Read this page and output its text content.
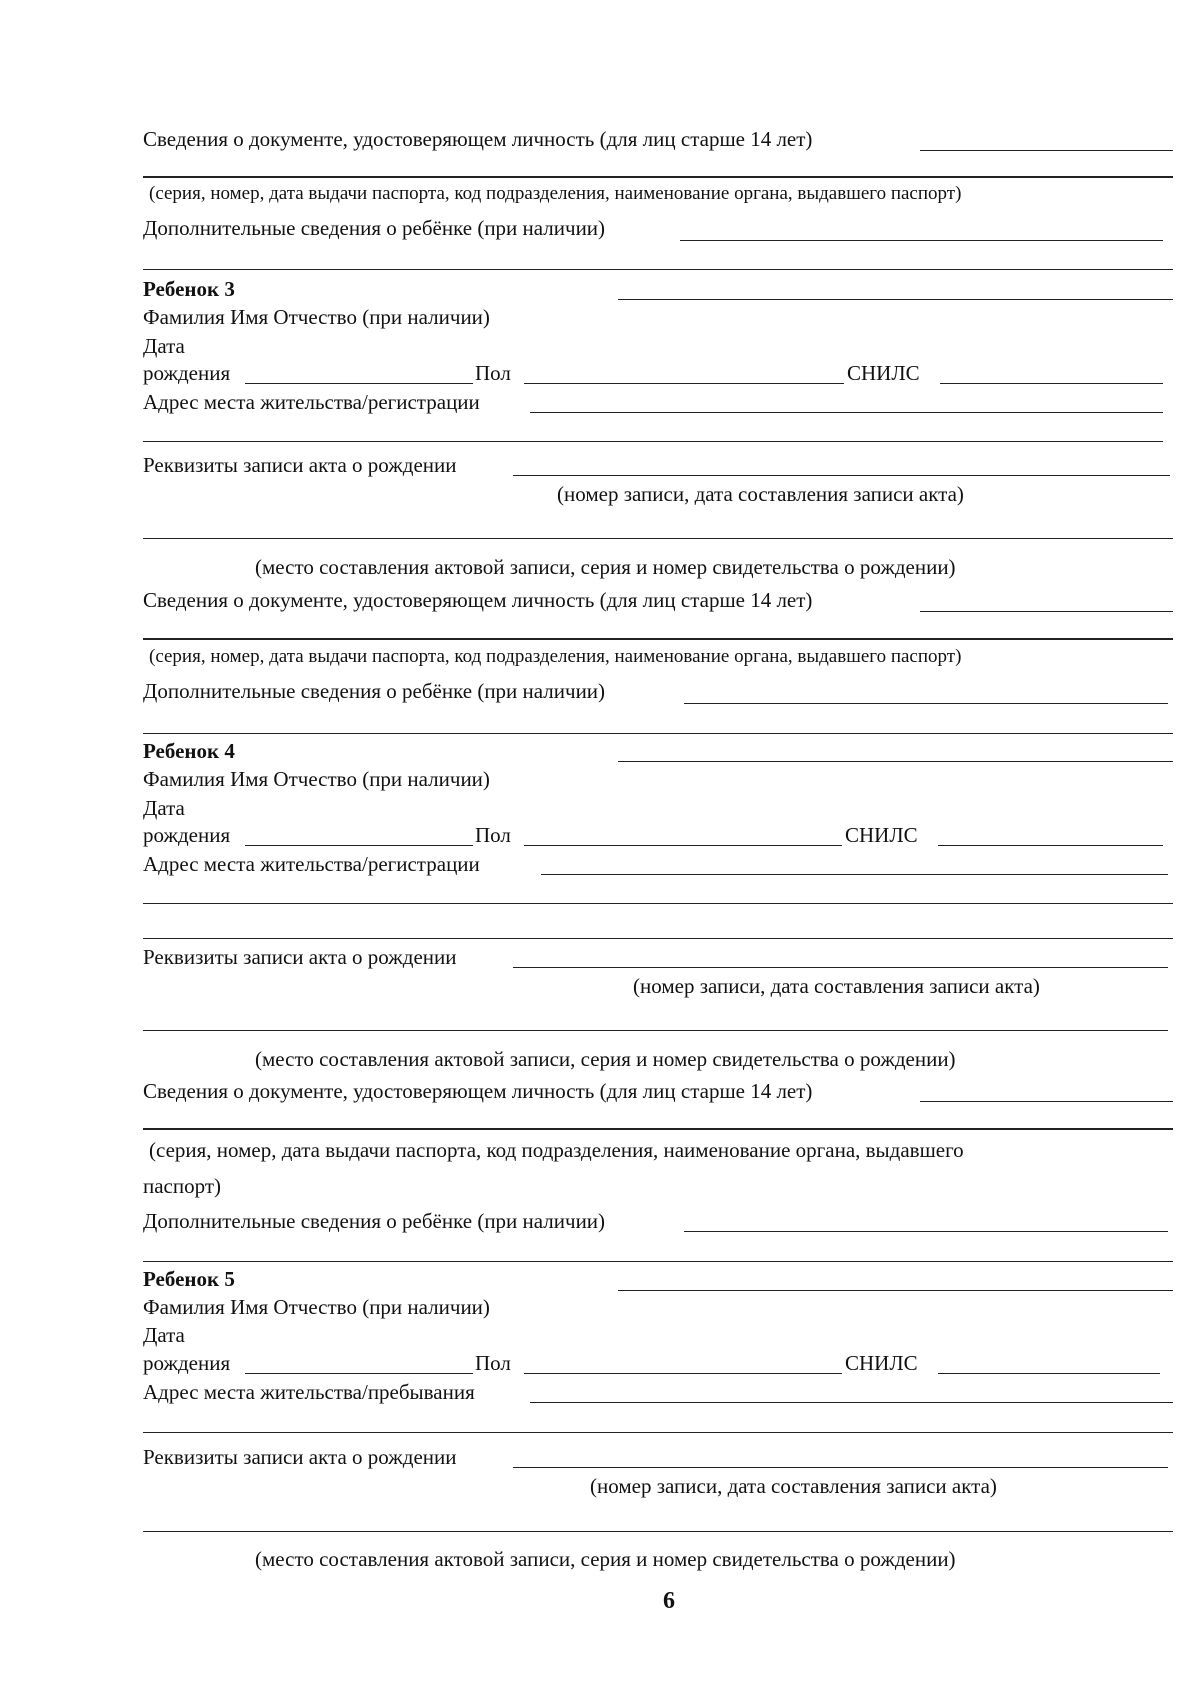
Сведения о документе, удостоверяющем личность (для лиц старше 14 лет)
(серия, номер, дата выдачи паспорта, код подразделения, наименование органа, выдавшего паспорт)
Дополнительные сведения о ребёнке (при наличии)
Ребенок 3
Фамилия Имя Отчество (при наличии)
Дата
рождения	Пол	СНИЛС
Адрес места жительства/регистрации
Реквизиты записи акта о рождении
(номер записи, дата составления записи акта)
(место составления актовой записи, серия и номер свидетельства о рождении)
Сведения о документе, удостоверяющем личность (для лиц старше 14 лет)
(серия, номер, дата выдачи паспорта, код подразделения, наименование органа, выдавшего паспорт)
Дополнительные сведения о ребёнке (при наличии)
Ребенок 4
Фамилия Имя Отчество (при наличии)
Дата
рождения	Пол	СНИЛС
Адрес места жительства/регистрации
Реквизиты записи акта о рождении
(номер записи, дата составления записи акта)
(место составления актовой записи, серия и номер свидетельства о рождении)
Сведения о документе, удостоверяющем личность (для лиц старше 14 лет)
(серия, номер, дата выдачи паспорта, код подразделения, наименование органа, выдавшего
паспорт)
Дополнительные сведения о ребёнке (при наличии)
Ребенок 5
Фамилия Имя Отчество (при наличии)
Дата
рождения	Пол	СНИЛС
Адрес места жительства/пребывания
Реквизиты записи акта о рождении
(номер записи, дата составления записи акта)
(место составления актовой записи, серия и номер свидетельства о рождении)
6
